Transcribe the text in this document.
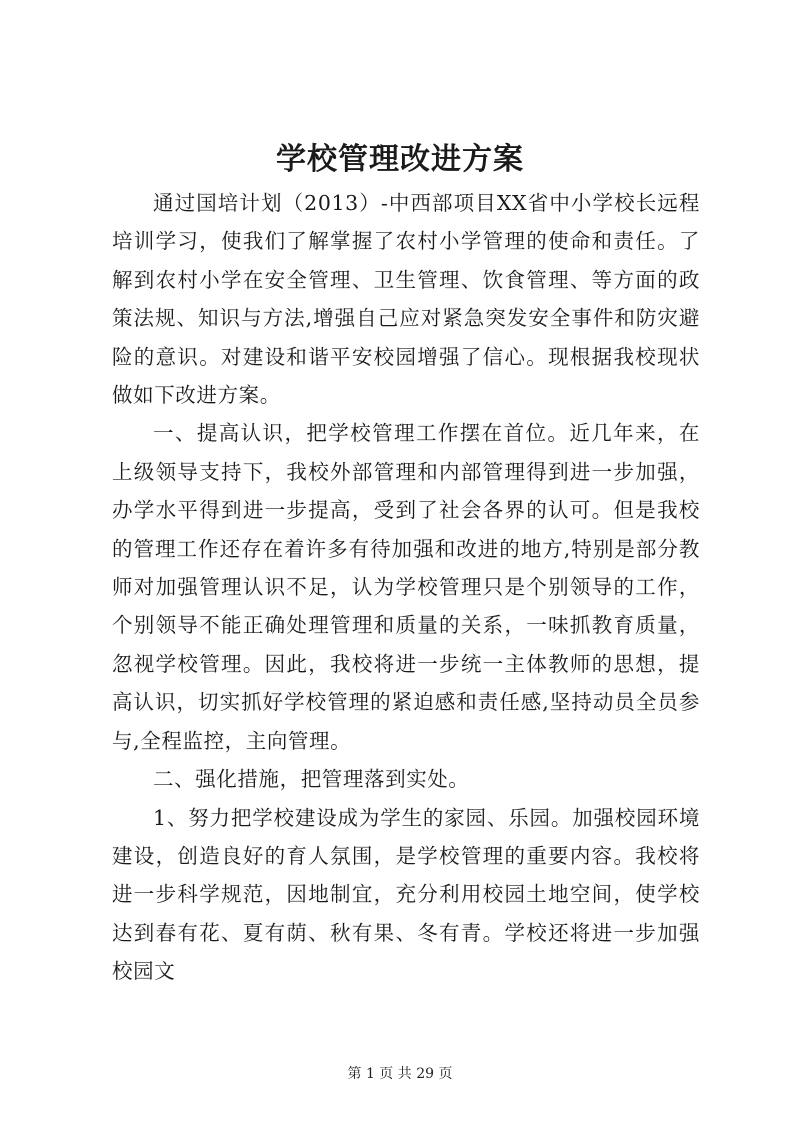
学校管理改进方案

通过国培计划（2013）-中西部项目XX省中小学校长远程培训学习，使我们了解掌握了农村小学管理的使命和责任。了解到农村小学在安全管理、卫生管理、饮食管理、等方面的政策法规、知识与方法,增强自己应对紧急突发安全事件和防灾避险的意识。对建设和谐平安校园增强了信心。现根据我校现状做如下改进方案。

一、提高认识，把学校管理工作摆在首位。近几年来，在上级领导支持下，我校外部管理和内部管理得到进一步加强，办学水平得到进一步提高，受到了社会各界的认可。但是我校的管理工作还存在着许多有待加强和改进的地方,特别是部分教师对加强管理认识不足，认为学校管理只是个别领导的工作，个别领导不能正确处理管理和质量的关系，一味抓教育质量，忽视学校管理。因此，我校将进一步统一主体教师的思想，提高认识，切实抓好学校管理的紧迫感和责任感,坚持动员全员参与,全程监控，主向管理。

二、强化措施，把管理落到实处。

1、努力把学校建设成为学生的家园、乐园。加强校园环境建设，创造良好的育人氛围，是学校管理的重要内容。我校将进一步科学规范，因地制宜，充分利用校园土地空间，使学校达到春有花、夏有荫、秋有果、冬有青。学校还将进一步加强校园文

第 1 页 共 29 页
